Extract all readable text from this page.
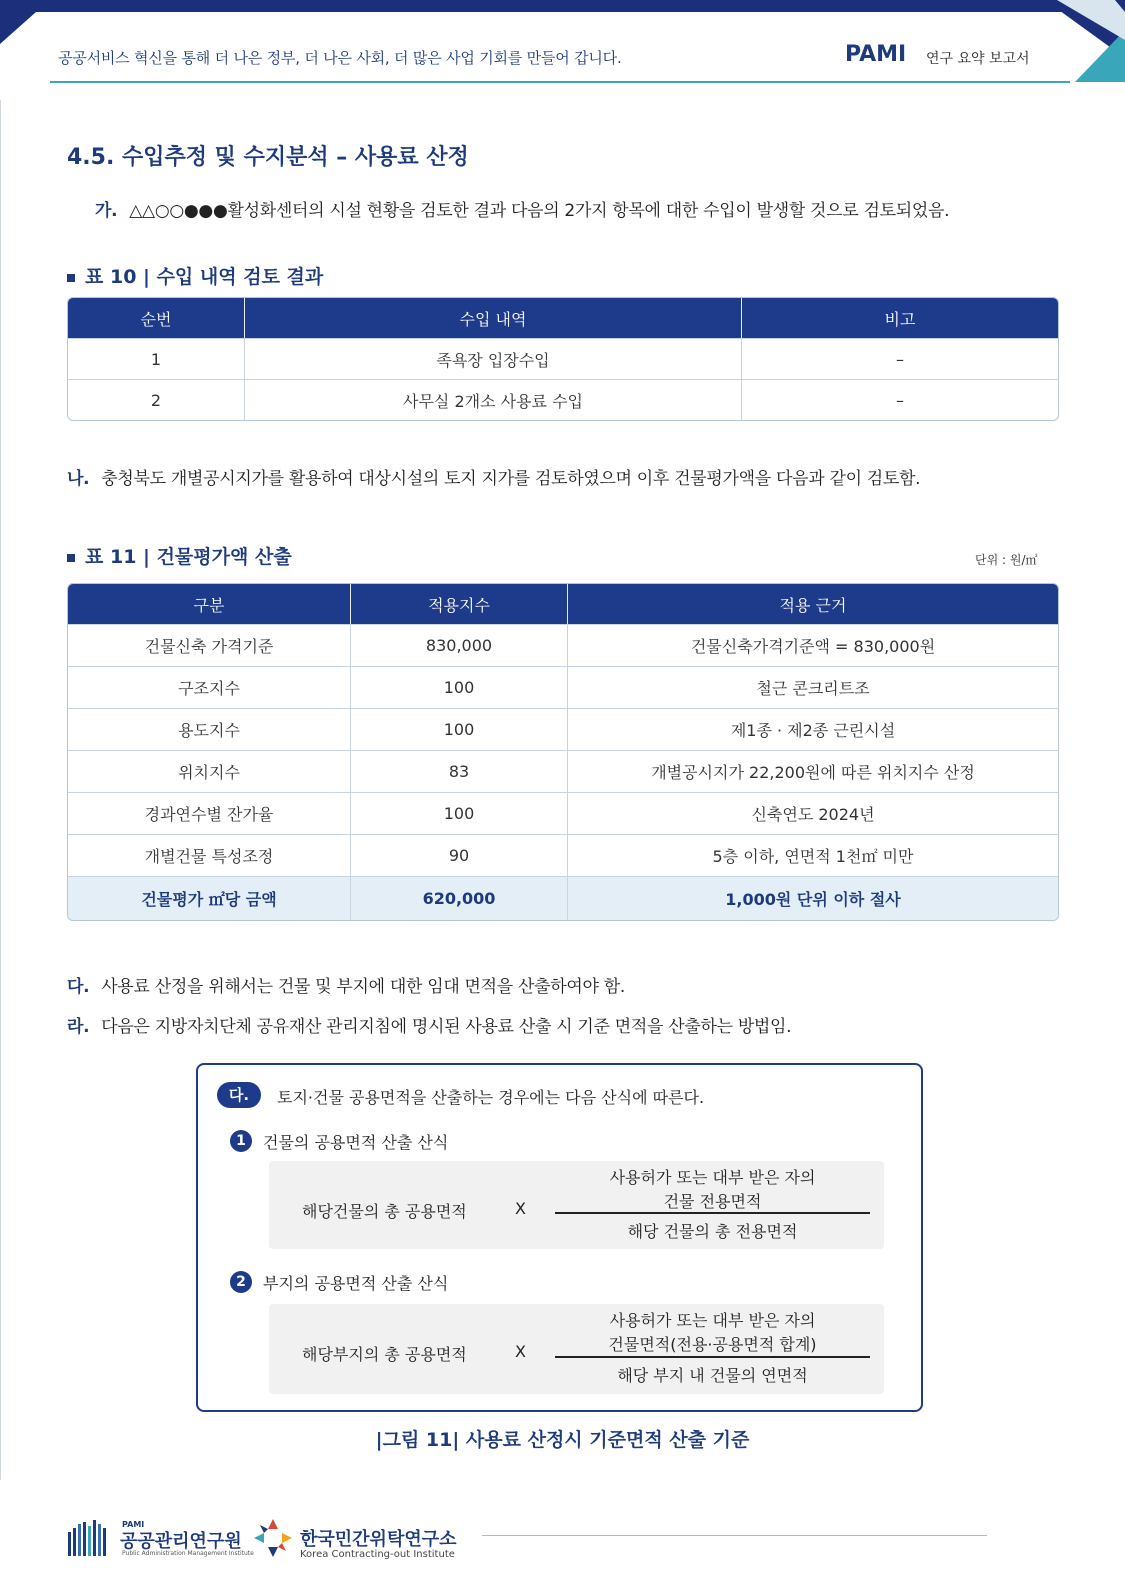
공공서비스 혁신을 통해 더 나은 정부, 더 나은 사회, 더 많은 사업 기회를 만들어 갑니다.	PAMI 연구 요약 보고서
4.5. 수입추정 및 수지분석 – 사용료 산정
가. △△○○●●●활성화센터의 시설 현황을 검토한 결과 다음의 2가지 항목에 대한 수입이 발생할 것으로 검토되었음.
표 10 | 수입 내역 검토 결과
순번	수입 내역	비고
1	족욕장 입장수입	–
2	사무실 2개소 사용료 수입	–
나. 충청북도 개별공시지가를 활용하여 대상시설의 토지 지가를 검토하였으며 이후 건물평가액을 다음과 같이 검토함.
표 11 | 건물평가액 산출	단위 : 원/㎡
구분	적용지수	적용 근거
건물신축 가격기준	830,000	건물신축가격기준액 = 830,000원
구조지수	100	철근 콘크리트조
용도지수	100	제1종 · 제2종 근린시설
위치지수	83	개별공시지가 22,200원에 따른 위치지수 산정
경과연수별 잔가율	100	신축연도 2024년
개별건물 특성조정	90	5층 이하, 연면적 1천㎡ 미만
건물평가 ㎡당 금액	620,000	1,000원 단위 이하 절사
다. 사용료 산정을 위해서는 건물 및 부지에 대한 임대 면적을 산출하여야 함.
라. 다음은 지방자치단체 공유재산 관리지침에 명시된 사용료 산출 시 기준 면적을 산출하는 방법임.
다.	토지·건물 공용면적을 산출하는 경우에는 다음 산식에 따른다.
1	건물의 공용면적 산출 산식
해당건물의 총 공용면적	X
사용허가 또는 대부 받은 자의
건물 전용면적
해당 건물의 총 전용면적
2	부지의 공용면적 산출 산식
해당부지의 총 공용면적	X
사용허가 또는 대부 받은 자의
건물면적(전용·공용면적 합계)
해당 부지 내 건물의 연면적
|그림 11| 사용료 산정시 기준면적 산출 기준
PAMI
공공관리연구원
Public Administration Management Institute
한국민간위탁연구소
Korea Contracting-out Institute
